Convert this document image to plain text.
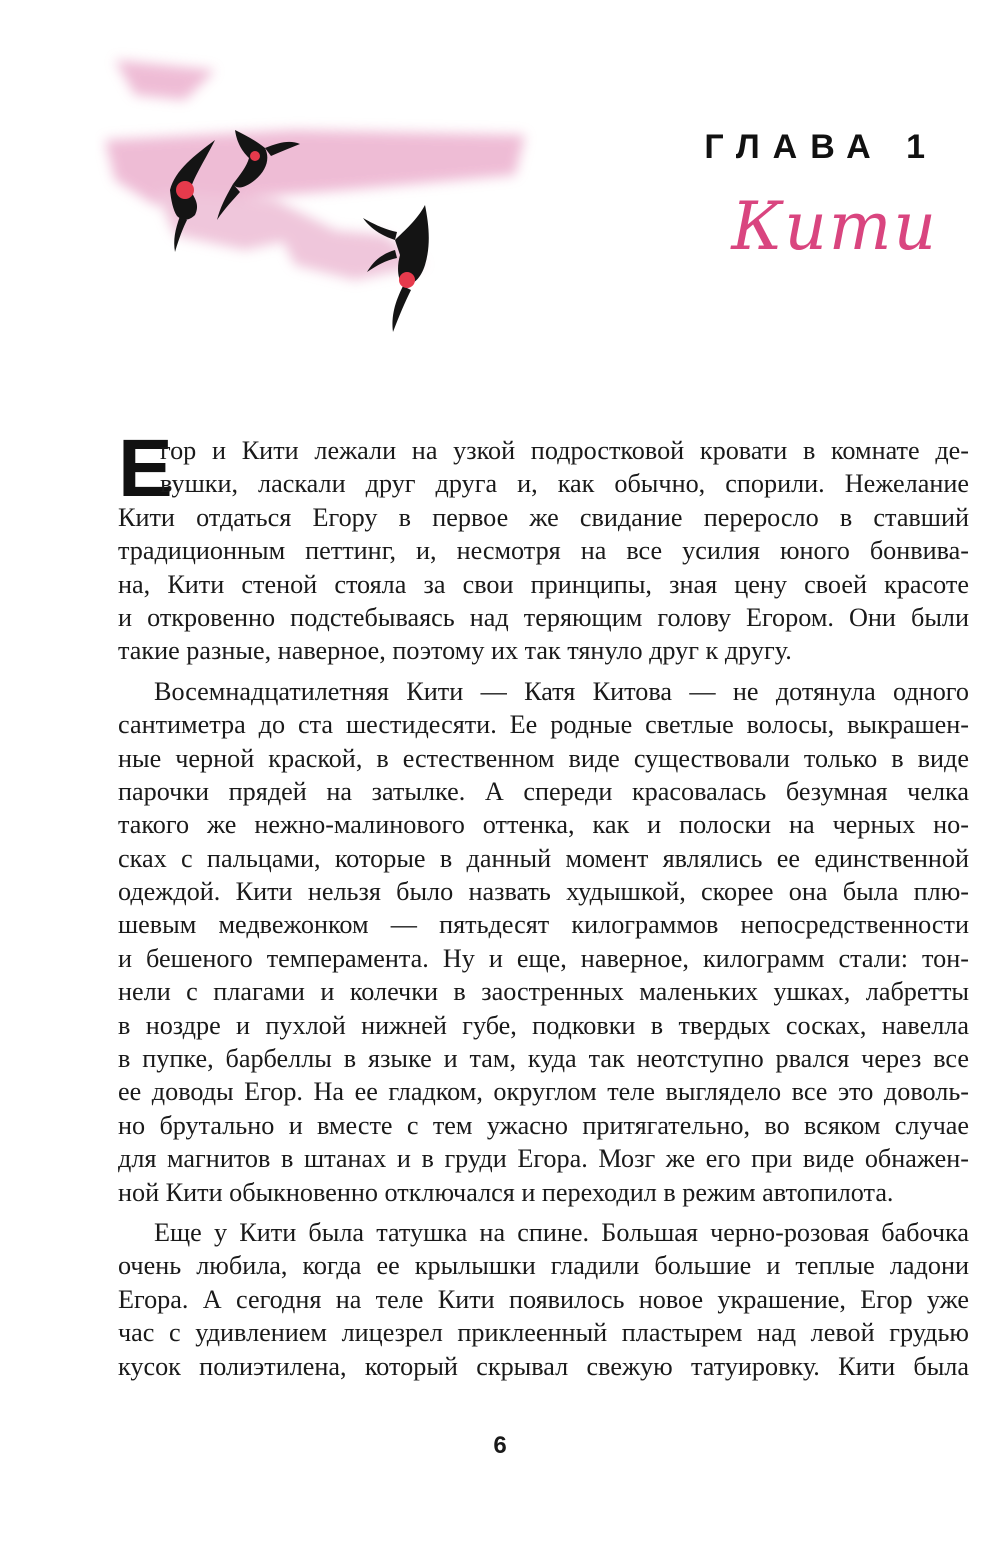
ГЛАВА 1
Кити
Е
гор и Кити лежали на узкой подростковой кровати в комнате де-
вушки, ласкали друг друга и, как обычно, спорили. Нежелание
Кити отдаться Егору в первое же свидание переросло в ставший
традиционным петтинг, и, несмотря на все усилия юного бонвива-
на, Кити стеной стояла за свои принципы, зная цену своей красоте
и откровенно подстебываясь над теряющим голову Егором. Они были
такие разные, наверное, поэтому их так тянуло друг к другу.
Восемнадцатилетняя Кити — Катя Китова — не дотянула одного
сантиметра до ста шестидесяти. Ее родные светлые волосы, выкрашен-
ные черной краской, в естественном виде существовали только в виде
парочки прядей на затылке. А спереди красовалась безумная челка
такого же нежно-малинового оттенка, как и полоски на черных но-
сках с пальцами, которые в данный момент являлись ее единственной
одеждой. Кити нельзя было назвать худышкой, скорее она была плю-
шевым медвежонком — пятьдесят килограммов непосредственности
и бешеного темперамента. Ну и еще, наверное, килограмм стали: тон-
нели с плагами и колечки в заостренных маленьких ушках, лабретты
в ноздре и пухлой нижней губе, подковки в твердых сосках, навелла
в пупке, барбеллы в языке и там, куда так неотступно рвался через все
ее доводы Егор. На ее гладком, округлом теле выглядело все это доволь-
но брутально и вместе с тем ужасно притягательно, во всяком случае
для магнитов в штанах и в груди Егора. Мозг же его при виде обнажен-
ной Кити обыкновенно отключался и переходил в режим автопилота.
Еще у Кити была татушка на спине. Большая черно-розовая бабочка
очень любила, когда ее крылышки гладили большие и теплые ладони
Егора. А сегодня на теле Кити появилось новое украшение, Егор уже
час с удивлением лицезрел приклеенный пластырем над левой грудью
кусок полиэтилена, который скрывал свежую татуировку. Кити была
6
